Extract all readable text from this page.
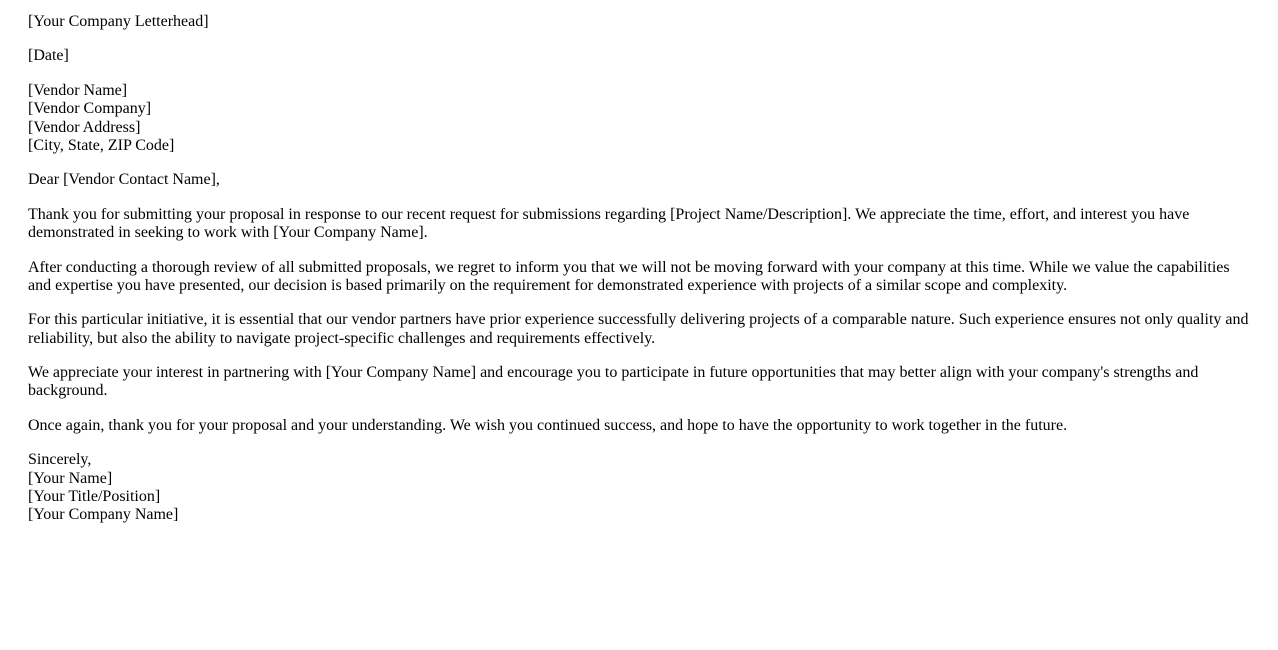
[Your Company Letterhead]
[Date]
[Vendor Name]
[Vendor Company]
[Vendor Address]
[City, State, ZIP Code]

Dear [Vendor Contact Name],

Thank you for submitting your proposal in response to our recent request for submissions regarding [Project Name/Description]. We appreciate the time, effort, and interest you have demonstrated in seeking to work with [Your Company Name].

After conducting a thorough review of all submitted proposals, we regret to inform you that we will not be moving forward with your company at this time. While we value the capabilities and expertise you have presented, our decision is based primarily on the requirement for demonstrated experience with projects of a similar scope and complexity.

For this particular initiative, it is essential that our vendor partners have prior experience successfully delivering projects of a comparable nature. Such experience ensures not only quality and reliability, but also the ability to navigate project-specific challenges and requirements effectively.

We appreciate your interest in partnering with [Your Company Name] and encourage you to participate in future opportunities that may better align with your company's strengths and background.

Once again, thank you for your proposal and your understanding. We wish you continued success, and hope to have the opportunity to work together in the future.

Sincerely,
[Your Name]
[Your Title/Position]
[Your Company Name]
